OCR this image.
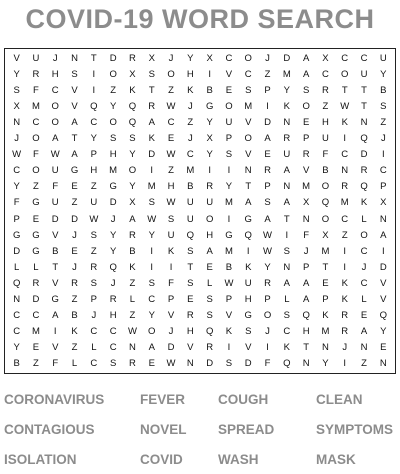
COVID-19 WORD SEARCH
V	U	J	N	T	D	R	X	J	Y	X	C	O	J	D	A	X	C	C	U
Y	R	H	S	I	O	X	S	O	H	I	V	C	Z	M	A	C	O	U	Y
S	F	C	V	I	Z	K	T	Z	K	B	E	S	P	Y	S	R	T	T	B
X	M	O	V	Q	Y	Q	R	W	J	G	O	M	I	K	O	Z	W	T	S
N	C	O	A	C	O	Q	A	C	Z	Y	U	V	D	N	E	H	K	N	Z
J	O	A	T	Y	S	S	K	E	J	X	P	O	A	R	P	U	I	Q	J
W	F	W	A	P	H	Y	D	W	C	Y	S	V	E	U	R	F	C	D	I
C	O	U	G	H	M	O	I	Z	M	I	I	N	R	A	V	B	N	R	C
Y	Z	F	E	Z	G	Y	M	H	B	R	Y	T	P	N	M	O	R	Q	P
F	G	U	Z	U	D	X	S	W	U	U	M	A	S	A	X	Q	M	K	X
P	E	D	D	W	J	A	W	S	U	O	I	G	A	T	N	O	C	L	N
G	G	V	J	S	Y	R	Y	U	Q	H	G	Q	W	I	F	X	Z	O	A
D	G	B	E	Z	Y	B	I	K	S	A	M	I	W	S	J	M	I	C	I
L	L	T	J	R	Q	K	I	I	T	E	B	K	Y	N	P	T	I	J	D
Q	R	V	R	S	J	Z	S	F	S	L	W	U	R	A	A	E	K	C	V
N	D	G	Z	P	R	L	C	P	E	S	P	H	P	L	A	P	K	L	V
C	C	A	B	J	H	Z	Y	V	R	S	V	G	O	S	Q	K	R	E	Q
C	M	I	K	C	C	W	O	J	H	Q	K	S	J	C	H	M	R	A	Y
Y	E	V	Z	L	C	N	A	D	V	R	I	V	I	K	T	N	J	N	E
B	Z	F	L	C	S	R	E	W	N	D	S	D	F	Q	N	Y	I	Z	N
CORONAVIRUS	FEVER	COUGH	CLEAN
CONTAGIOUS	NOVEL	SPREAD	SYMPTOMS
ISOLATION	COVID	WASH	MASK
